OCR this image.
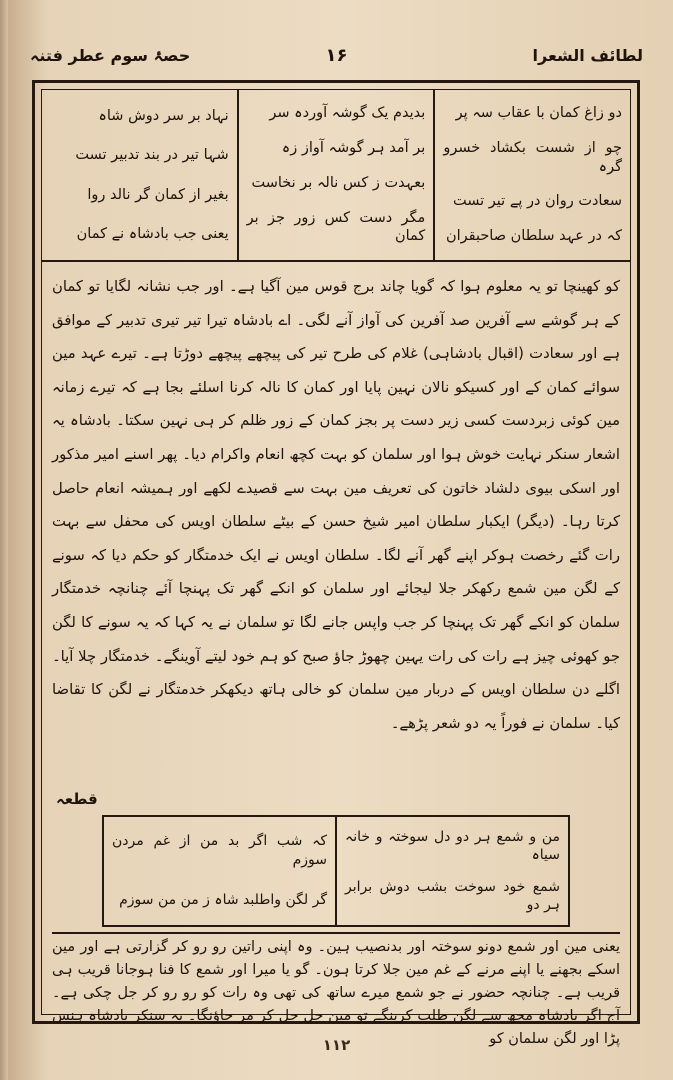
لطائف الشعرا
۱۶
حصۂ سوم عطر فتنہ
دو زاغ کمان با عقاب سہ پر
چو از شست بکشاد خسرو گرہ
سعادت روان در پے تیر تست
کہ در عہد سلطان صاحبقران
بدیدم یک گوشہ آوردہ سر
بر آمد ہر گوشہ آواز زہ
بعہدت ز کس نالہ بر نخاست
مگر دست کس زور جز بر کمان
نہاد بر سر دوش شاہ
شہا تیر در بند تدبیر تست
بغیر از کمان گر نالد روا
یعنی جب بادشاہ نے کمان

کو کھینچا تو یہ معلوم ہوا کہ گویا چاند برج قوس مین آگیا ہے۔ اور جب نشانہ لگایا تو کمان کے ہر گوشے سے آفرین صد آفرین کی آواز آنے لگی۔ اے بادشاہ تیرا تیر تیری تدبیر کے موافق ہے اور سعادت (اقبال بادشاہی) غلام کی طرح تیر کی پیچھے پیچھے دوڑتا ہے۔ تیرے عہد مین سوائے کمان کے اور کسیکو نالان نہین پایا اور کمان کا نالہ کرنا اسلئے بجا ہے کہ تیرے زمانہ مین کوئی زبردست کسی زیر دست پر بجز کمان کے زور ظلم کر ہی نہین سکتا۔ بادشاہ یہ اشعار سنکر نہایت خوش ہوا اور سلمان کو بہت کچھ انعام واکرام دیا۔ پھر اسنے امیر مذکور اور اسکی بیوی دلشاد خاتون کی تعریف مین بہت سے قصیدے لکھے اور ہمیشہ انعام حاصل کرتا رہا۔ (دیگر) ایکبار سلطان امیر شیخ حسن کے بیٹے سلطان اویس کی محفل سے بہت رات گئے رخصت ہوکر اپنے گھر آنے لگا۔ سلطان اویس نے ایک خدمتگار کو حکم دیا کہ سونے کے لگن مین شمع رکھکر جلا لیجائے اور سلمان کو انکے گھر تک پہنچا آئے چنانچہ خدمتگار سلمان کو انکے گھر تک پہنچا کر جب واپس جانے لگا تو سلمان نے یہ کہا کہ یہ سونے کا لگن جو کھوئی چیز ہے رات کی رات یہین چھوڑ جاؤ صبح کو ہم خود لیتے آوینگے۔ خدمتگار چلا آیا۔ اگلے دن سلطان اویس کے دربار مین سلمان کو خالی ہاتھ دیکھکر خدمتگار نے لگن کا تقاضا کیا۔ سلمان نے فوراً یہ دو شعر پڑھے۔

قطعہ
من و شمع ہر دو دل سوختہ و خانہ سیاہ
شمع خود سوخت بشب دوش برابر ہر دو
کہ شب اگر بد من از غم مردن سوزم
گر لگن واطلبد شاہ ز من من سوزم

یعنی مین اور شمع دونو سوختہ اور بدنصیب ہین۔ وہ اپنی راتین رو رو کر گزارتی ہے اور مین اسکے بجھنے یا اپنے مرنے کے غم مین جلا کرتا ہون۔ گو یا میرا اور شمع کا فنا ہوجانا قریب ہی قریب ہے۔ چنانچہ حضور نے جو شمع میرے ساتھ کی تھی وہ رات کو رو رو کر جل چکی ہے۔ آج اگر بادشاہ مجھ سے لگن طلب کرینگے تو مین جل جل کر مر جاؤنگا۔ یہ سنکر بادشاہ ہنس پڑا اور لگن سلمان کو

۱۱۲
